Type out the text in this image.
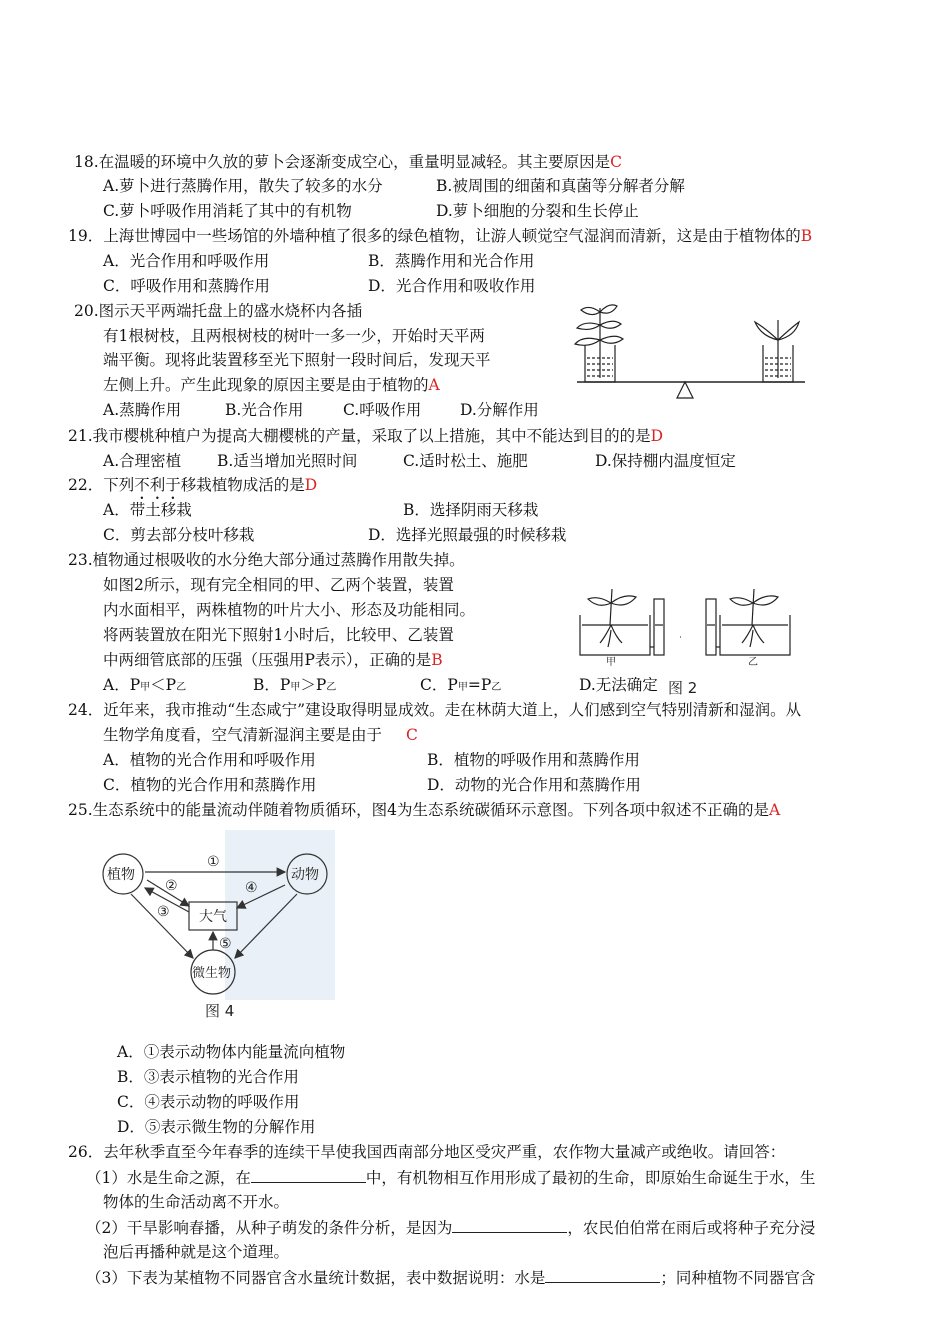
18.在温暖的环境中久放的萝卜会逐渐变成空心，重量明显减轻。其主要原因是C
A.萝卜进行蒸腾作用，散失了较多的水分	B.被周围的细菌和真菌等分解者分解
C.萝卜呼吸作用消耗了其中的有机物	D.萝卜细胞的分裂和生长停止
19．上海世博园中一些场馆的外墙种植了很多的绿色植物，让游人顿觉空气湿润而清新，这是由于植物体的B
A．光合作用和呼吸作用	B．蒸腾作用和光合作用
C．呼吸作用和蒸腾作用	D．光合作用和吸收作用
20.图示天平两端托盘上的盛水烧杯内各插
有1根树枝，且两根树枝的树叶一多一少，开始时天平两
端平衡。现将此装置移至光下照射一段时间后，发现天平
左侧上升。产生此现象的原因主要是由于植物的A
A.蒸腾作用	B.光合作用	C.呼吸作用	D.分解作用
21.我市樱桃种植户为提高大棚樱桃的产量，采取了以上措施，其中不能达到目的的是D
A.合理密植 B.适当增加光照时间	C.适时松土、施肥	D.保持棚内温度恒定
22．下列不利于移栽植物成活的是D
A．带土移栽	B．选择阴雨天移栽
C．剪去部分枝叶移栽	D．选择光照最强的时候移栽
23.植物通过根吸收的水分绝大部分通过蒸腾作用散失掉。
如图2所示，现有完全相同的甲、乙两个装置，装置
内水面相平，两株植物的叶片大小、形态及功能相同。
将两装置放在阳光下照射1小时后，比较甲、乙装置
中两细管底部的压强（压强用P表示），正确的是B
A．P甲＜P乙	B．P甲＞P乙	C．P甲=P乙	D.无法确定
甲	乙
图 2
24．近年来，我市推动“生态咸宁”建设取得明显成效。走在林荫大道上，人们感到空气特别清新和湿润。从
生物学角度看，空气清新湿润主要是由于 C
A．植物的光合作用和呼吸作用	B．植物的呼吸作用和蒸腾作用
C．植物的光合作用和蒸腾作用	D．动物的光合作用和蒸腾作用
25.生态系统中的能量流动伴随着物质循环，图4为生态系统碳循环示意图。下列各项中叙述不正确的是A
植物	动物
大气
微生物
①
②
③
④
⑤
图 4
A．①表示动物体内能量流向植物
B．③表示植物的光合作用
C．④表示动物的呼吸作用
D．⑤表示微生物的分解作用
26．去年秋季直至今年春季的连续干旱使我国西南部分地区受灾严重，农作物大量减产或绝收。请回答：
（1）水是生命之源，在	中，有机物相互作用形成了最初的生命，即原始生命诞生于水，生
物体的生命活动离不开水。
（2）干旱影响春播，从种子萌发的条件分析，是因为	，农民伯伯常在雨后或将种子充分浸
泡后再播种就是这个道理。
（3）下表为某植物不同器官含水量统计数据，表中数据说明：水是	；同种植物不同器官含
